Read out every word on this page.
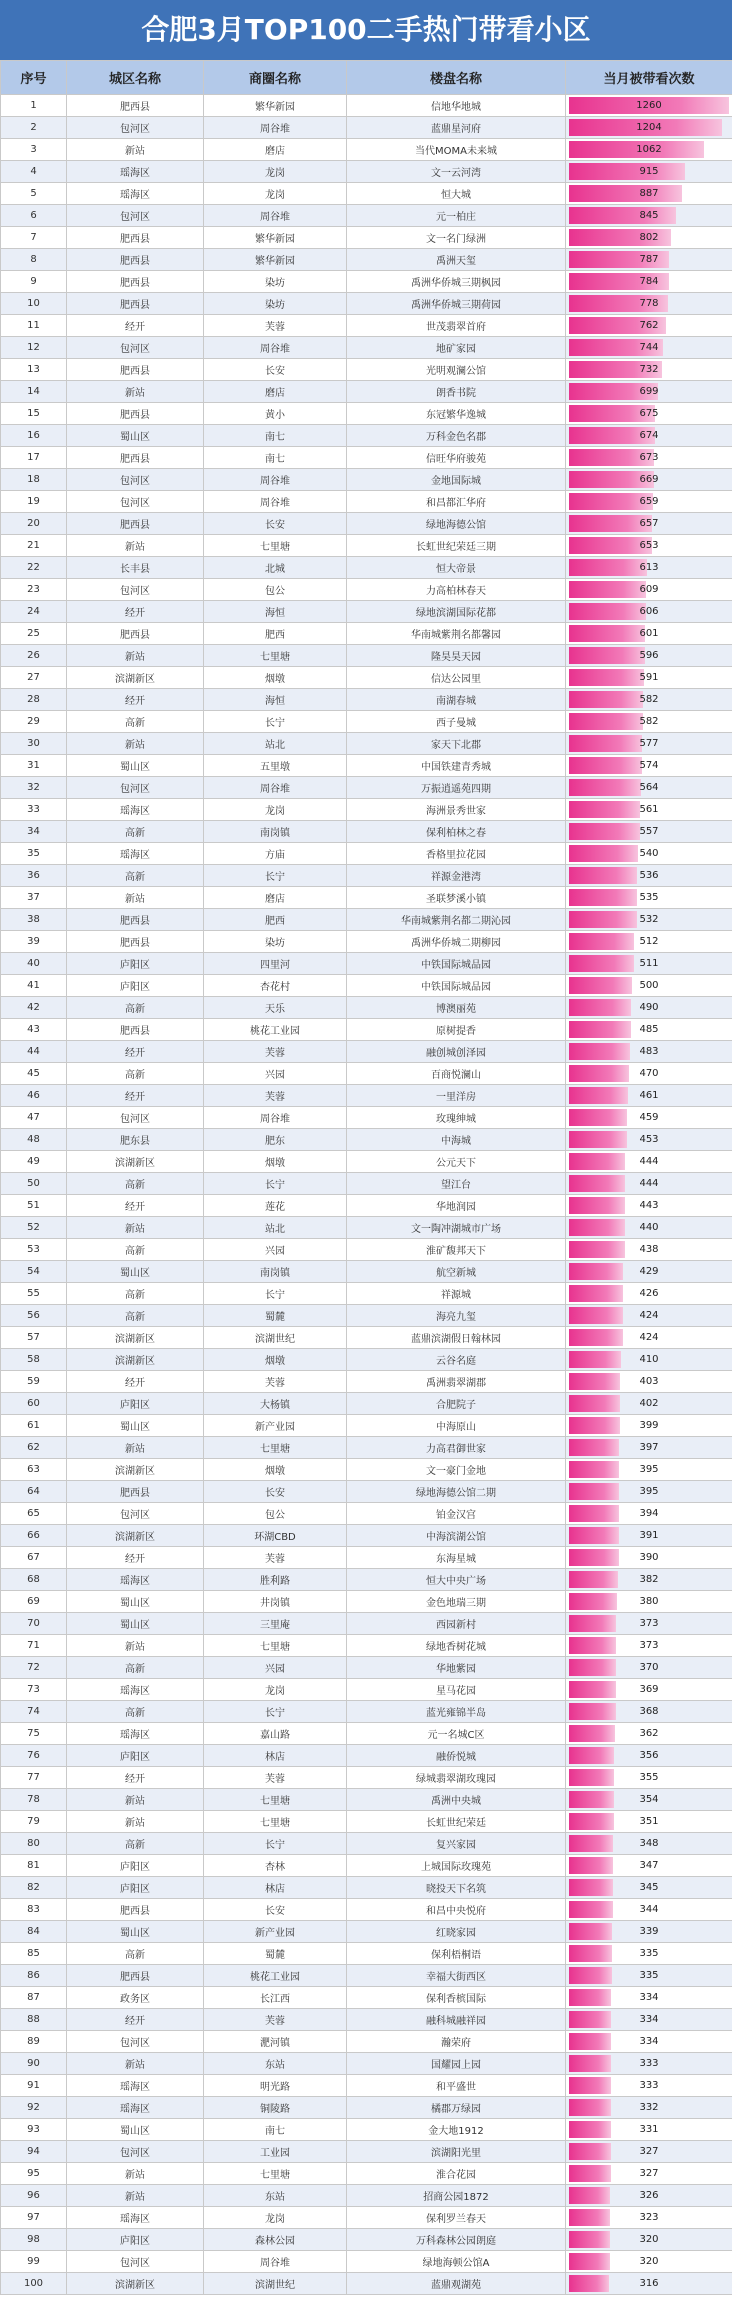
合肥3月TOP100二手热门带看小区
序号	城区名称	商圈名称	楼盘名称	当月被带看次数
1	肥西县	繁华新园	信地华地城	1260
2	包河区	周谷堆	蓝鼎星河府	1204
3	新站	磨店	当代MOMA未来城	1062
4	瑶海区	龙岗	文一云河湾	915
5	瑶海区	龙岗	恒大城	887
6	包河区	周谷堆	元一柏庄	845
7	肥西县	繁华新园	文一名门绿洲	802
8	肥西县	繁华新园	禹洲天玺	787
9	肥西县	染坊	禹洲华侨城三期枫园	784
10	肥西县	染坊	禹洲华侨城三期荷园	778
11	经开	芙蓉	世茂翡翠首府	762
12	包河区	周谷堆	地矿家园	744
13	肥西县	长安	光明观澜公馆	732
14	新站	磨店	朗香书院	699
15	肥西县	黄小	东冠繁华逸城	675
16	蜀山区	南七	万科金色名郡	674
17	肥西县	南七	信旺华府骏苑	673
18	包河区	周谷堆	金地国际城	669
19	包河区	周谷堆	和昌都汇华府	659
20	肥西县	长安	绿地海德公馆	657
21	新站	七里塘	长虹世纪荣廷三期	653
22	长丰县	北城	恒大帝景	613
23	包河区	包公	力高柏林春天	609
24	经开	海恒	绿地滨湖国际花都	606
25	肥西县	肥西	华南城紫荆名都馨园	601
26	新站	七里塘	隆昊昊天园	596
27	滨湖新区	烟墩	信达公园里	591
28	经开	海恒	南湖春城	582
29	高新	长宁	西子曼城	582
30	新站	站北	家天下北郡	577
31	蜀山区	五里墩	中国铁建青秀城	574
32	包河区	周谷堆	万振逍遥苑四期	564
33	瑶海区	龙岗	海洲景秀世家	561
34	高新	南岗镇	保利柏林之春	557
35	瑶海区	方庙	香格里拉花园	540
36	高新	长宁	祥源金港湾	536
37	新站	磨店	圣联梦溪小镇	535
38	肥西县	肥西	华南城紫荆名都二期沁园	532
39	肥西县	染坊	禹洲华侨城二期柳园	512
40	庐阳区	四里河	中铁国际城品园	511
41	庐阳区	杏花村	中铁国际城品园	500
42	高新	天乐	博澳丽苑	490
43	肥西县	桃花工业园	原树提香	485
44	经开	芙蓉	融创城创泽园	483
45	高新	兴园	百商悦澜山	470
46	经开	芙蓉	一里洋房	461
47	包河区	周谷堆	玫瑰绅城	459
48	肥东县	肥东	中海城	453
49	滨湖新区	烟墩	公元天下	444
50	高新	长宁	望江台	444
51	经开	莲花	华地润园	443
52	新站	站北	文一陶冲湖城市广场	440
53	高新	兴园	淮矿馥邦天下	438
54	蜀山区	南岗镇	航空新城	429
55	高新	长宁	祥源城	426
56	高新	蜀麓	海亮九玺	424
57	滨湖新区	滨湖世纪	蓝鼎滨湖假日翰林园	424
58	滨湖新区	烟墩	云谷名庭	410
59	经开	芙蓉	禹洲翡翠湖郡	403
60	庐阳区	大杨镇	合肥院子	402
61	蜀山区	新产业园	中海原山	399
62	新站	七里塘	力高君御世家	397
63	滨湖新区	烟墩	文一豪门金地	395
64	肥西县	长安	绿地海德公馆二期	395
65	包河区	包公	铂金汉宫	394
66	滨湖新区	环湖CBD	中海滨湖公馆	391
67	经开	芙蓉	东海星城	390
68	瑶海区	胜利路	恒大中央广场	382
69	蜀山区	井岗镇	金色地瑞三期	380
70	蜀山区	三里庵	西园新村	373
71	新站	七里塘	绿地香树花城	373
72	高新	兴园	华地紫园	370
73	瑶海区	龙岗	星马花园	369
74	高新	长宁	蓝光雍锦半岛	368
75	瑶海区	嘉山路	元一名城C区	362
76	庐阳区	林店	融侨悦城	356
77	经开	芙蓉	绿城翡翠湖玫瑰园	355
78	新站	七里塘	禹洲中央城	354
79	新站	七里塘	长虹世纪荣廷	351
80	高新	长宁	复兴家园	348
81	庐阳区	杏林	上城国际玫瑰苑	347
82	庐阳区	林店	晓投天下名筑	345
83	肥西县	长安	和昌中央悦府	344
84	蜀山区	新产业园	红晓家园	339
85	高新	蜀麓	保利梧桐语	335
86	肥西县	桃花工业园	幸福大街西区	335
87	政务区	长江西	保利香槟国际	334
88	经开	芙蓉	融科城融祥园	334
89	包河区	淝河镇	瀚荣府	334
90	新站	东站	国耀园上园	333
91	瑶海区	明光路	和平盛世	333
92	瑶海区	铜陵路	橘郡万绿园	332
93	蜀山区	南七	金大地1912	331
94	包河区	工业园	滨湖阳光里	327
95	新站	七里塘	淮合花园	327
96	新站	东站	招商公园1872	326
97	瑶海区	龙岗	保利罗兰春天	323
98	庐阳区	森林公园	万科森林公园朗庭	320
99	包河区	周谷堆	绿地海顿公馆A	320
100	滨湖新区	滨湖世纪	蓝鼎观湖苑	316
